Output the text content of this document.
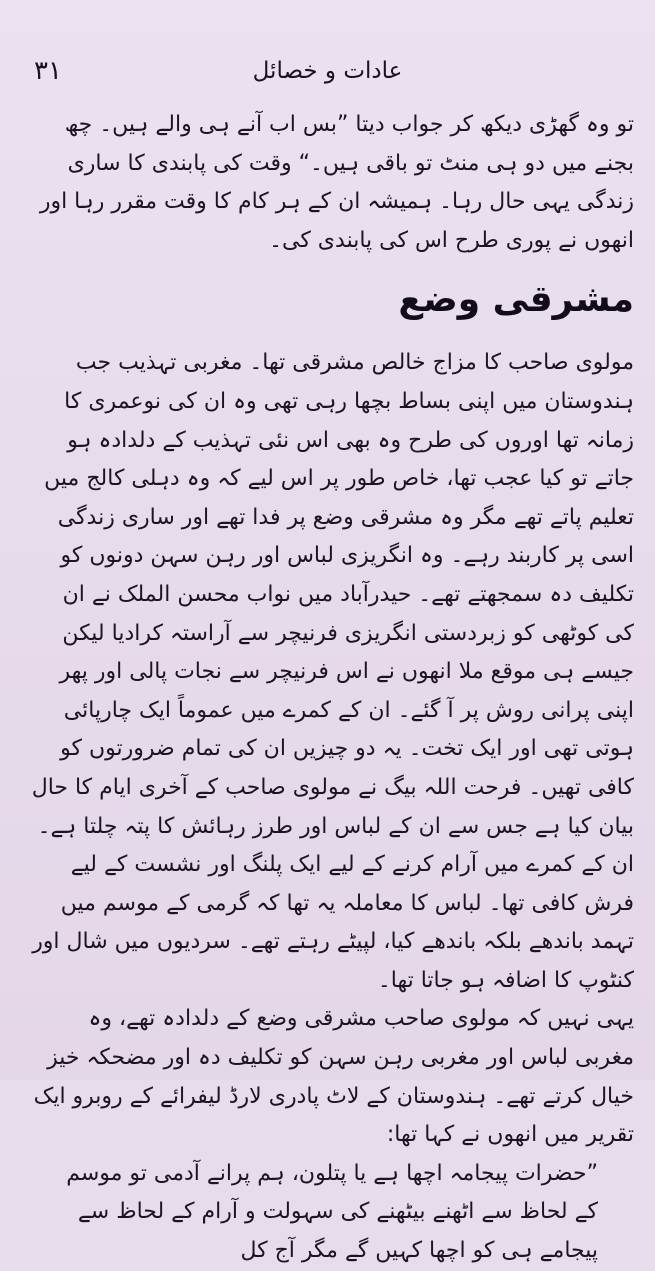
۳۱	عادات و خصائل

تو وہ گھڑی دیکھ کر جواب دیتا ”بس اب آنے ہی والے ہیں۔ چھ بجنے میں دو ہی منٹ تو باقی ہیں۔“ وقت کی پابندی کا ساری زندگی یہی حال رہا۔ ہمیشہ ان کے ہر کام کا وقت مقرر رہا اور انھوں نے پوری طرح اس کی پابندی کی۔

مشرقی وضع

مولوی صاحب کا مزاج خالص مشرقی تھا۔ مغربی تہذیب جب ہندوستان میں اپنی بساط بچھا رہی تھی وہ ان کی نوعمری کا زمانہ تھا اوروں کی طرح وہ بھی اس نئی تہذیب کے دلدادہ ہو جاتے تو کیا عجب تھا، خاص طور پر اس لیے کہ وہ دہلی کالج میں تعلیم پاتے تھے مگر وہ مشرقی وضع پر فدا تھے اور ساری زندگی اسی پر کاربند رہے۔ وہ انگریزی لباس اور رہن سہن دونوں کو تکلیف دہ سمجھتے تھے۔ حیدرآباد میں نواب محسن الملک نے ان کی کوٹھی کو زبردستی انگریزی فرنیچر سے آراستہ کرادیا لیکن جیسے ہی موقع ملا انھوں نے اس فرنیچر سے نجات پالی اور پھر اپنی پرانی روش پر آ گئے۔ ان کے کمرے میں عموماً ایک چارپائی ہوتی تھی اور ایک تخت۔ یہ دو چیزیں ان کی تمام ضرورتوں کو کافی تھیں۔ فرحت اللہ بیگ نے مولوی صاحب کے آخری ایام کا حال بیان کیا ہے جس سے ان کے لباس اور طرز رہائش کا پتہ چلتا ہے۔ ان کے کمرے میں آرام کرنے کے لیے ایک پلنگ اور نشست کے لیے فرش کافی تھا۔ لباس کا معاملہ یہ تھا کہ گرمی کے موسم میں تہمد باندھے بلکہ باندھے کیا، لپیٹے رہتے تھے۔ سردیوں میں شال اور کنٹوپ کا اضافہ ہو جاتا تھا۔

یہی نہیں کہ مولوی صاحب مشرقی وضع کے دلدادہ تھے، وہ مغربی لباس اور مغربی رہن سہن کو تکلیف دہ اور مضحکہ خیز خیال کرتے تھے۔ ہندوستان کے لاٹ پادری لارڈ لیفرائے کے روبرو ایک تقریر میں انھوں نے کہا تھا:

”حضرات پیجامہ اچھا ہے یا پتلون، ہم پرانے آدمی تو موسم کے لحاظ سے اٹھنے بیٹھنے کی سہولت و آرام کے لحاظ سے پیجامے ہی کو اچھا کہیں گے مگر آج کل
